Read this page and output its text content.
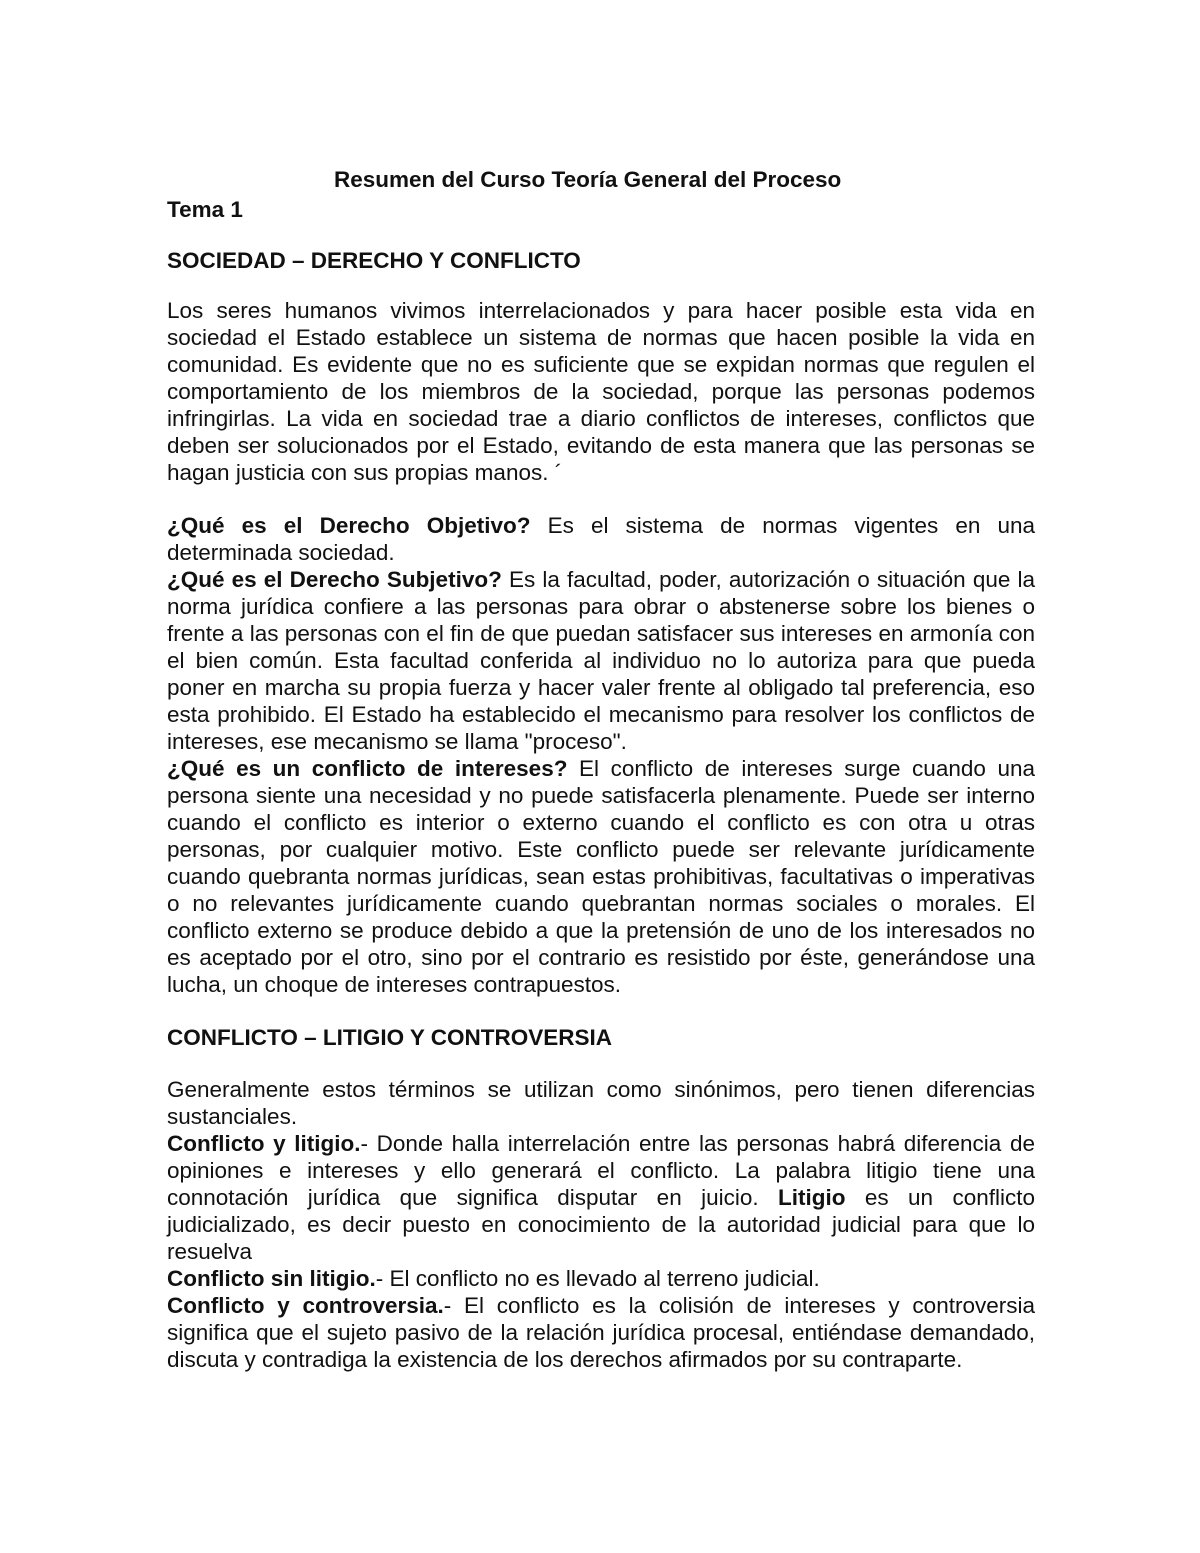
Resumen del Curso Teoría General del Proceso

Tema 1

SOCIEDAD – DERECHO Y CONFLICTO

Los seres humanos vivimos interrelacionados y para hacer posible esta vida en sociedad el Estado establece un sistema de normas que hacen posible la vida en comunidad. Es evidente que no es suficiente que se expidan normas que regulen el comportamiento de los miembros de la sociedad, porque las personas podemos infringirlas. La vida en sociedad trae a diario conflictos de intereses, conflictos que deben ser solucionados por el Estado, evitando de esta manera que las personas se hagan justicia con sus propias manos. ´

¿Qué es el Derecho Objetivo? Es el sistema de normas vigentes en una determinada sociedad.

¿Qué es el Derecho Subjetivo? Es la facultad, poder, autorización o situación que la norma jurídica confiere a las personas para obrar o abstenerse sobre los bienes o frente a las personas con el fin de que puedan satisfacer sus intereses en armonía con el bien común. Esta facultad conferida al individuo no lo autoriza para que pueda poner en marcha su propia fuerza y hacer valer frente al obligado tal preferencia, eso esta prohibido. El Estado ha establecido el mecanismo para resolver los conflictos de intereses, ese mecanismo se llama "proceso".

¿Qué es un conflicto de intereses? El conflicto de intereses surge cuando una persona siente una necesidad y no puede satisfacerla plenamente. Puede ser interno cuando el conflicto es interior o externo cuando el conflicto es con otra u otras personas, por cualquier motivo. Este conflicto puede ser relevante jurídicamente cuando quebranta normas jurídicas, sean estas prohibitivas, facultativas o imperativas o no relevantes jurídicamente cuando quebrantan normas sociales o morales. El conflicto externo se produce debido a que la pretensión de uno de los interesados no es aceptado por el otro, sino por el contrario es resistido por éste, generándose una lucha, un choque de intereses contrapuestos.

CONFLICTO – LITIGIO Y CONTROVERSIA

Generalmente estos términos se utilizan como sinónimos, pero tienen diferencias sustanciales.

Conflicto y litigio.- Donde halla interrelación entre las personas habrá diferencia de opiniones e intereses y ello generará el conflicto. La palabra litigio tiene una connotación jurídica que significa disputar en juicio. Litigio es un conflicto judicializado, es decir puesto en conocimiento de la autoridad judicial para que lo resuelva

Conflicto sin litigio.- El conflicto no es llevado al terreno judicial.

Conflicto y controversia.- El conflicto es la colisión de intereses y controversia significa que el sujeto pasivo de la relación jurídica procesal, entiéndase demandado, discuta y contradiga la existencia de los derechos afirmados por su contraparte.
